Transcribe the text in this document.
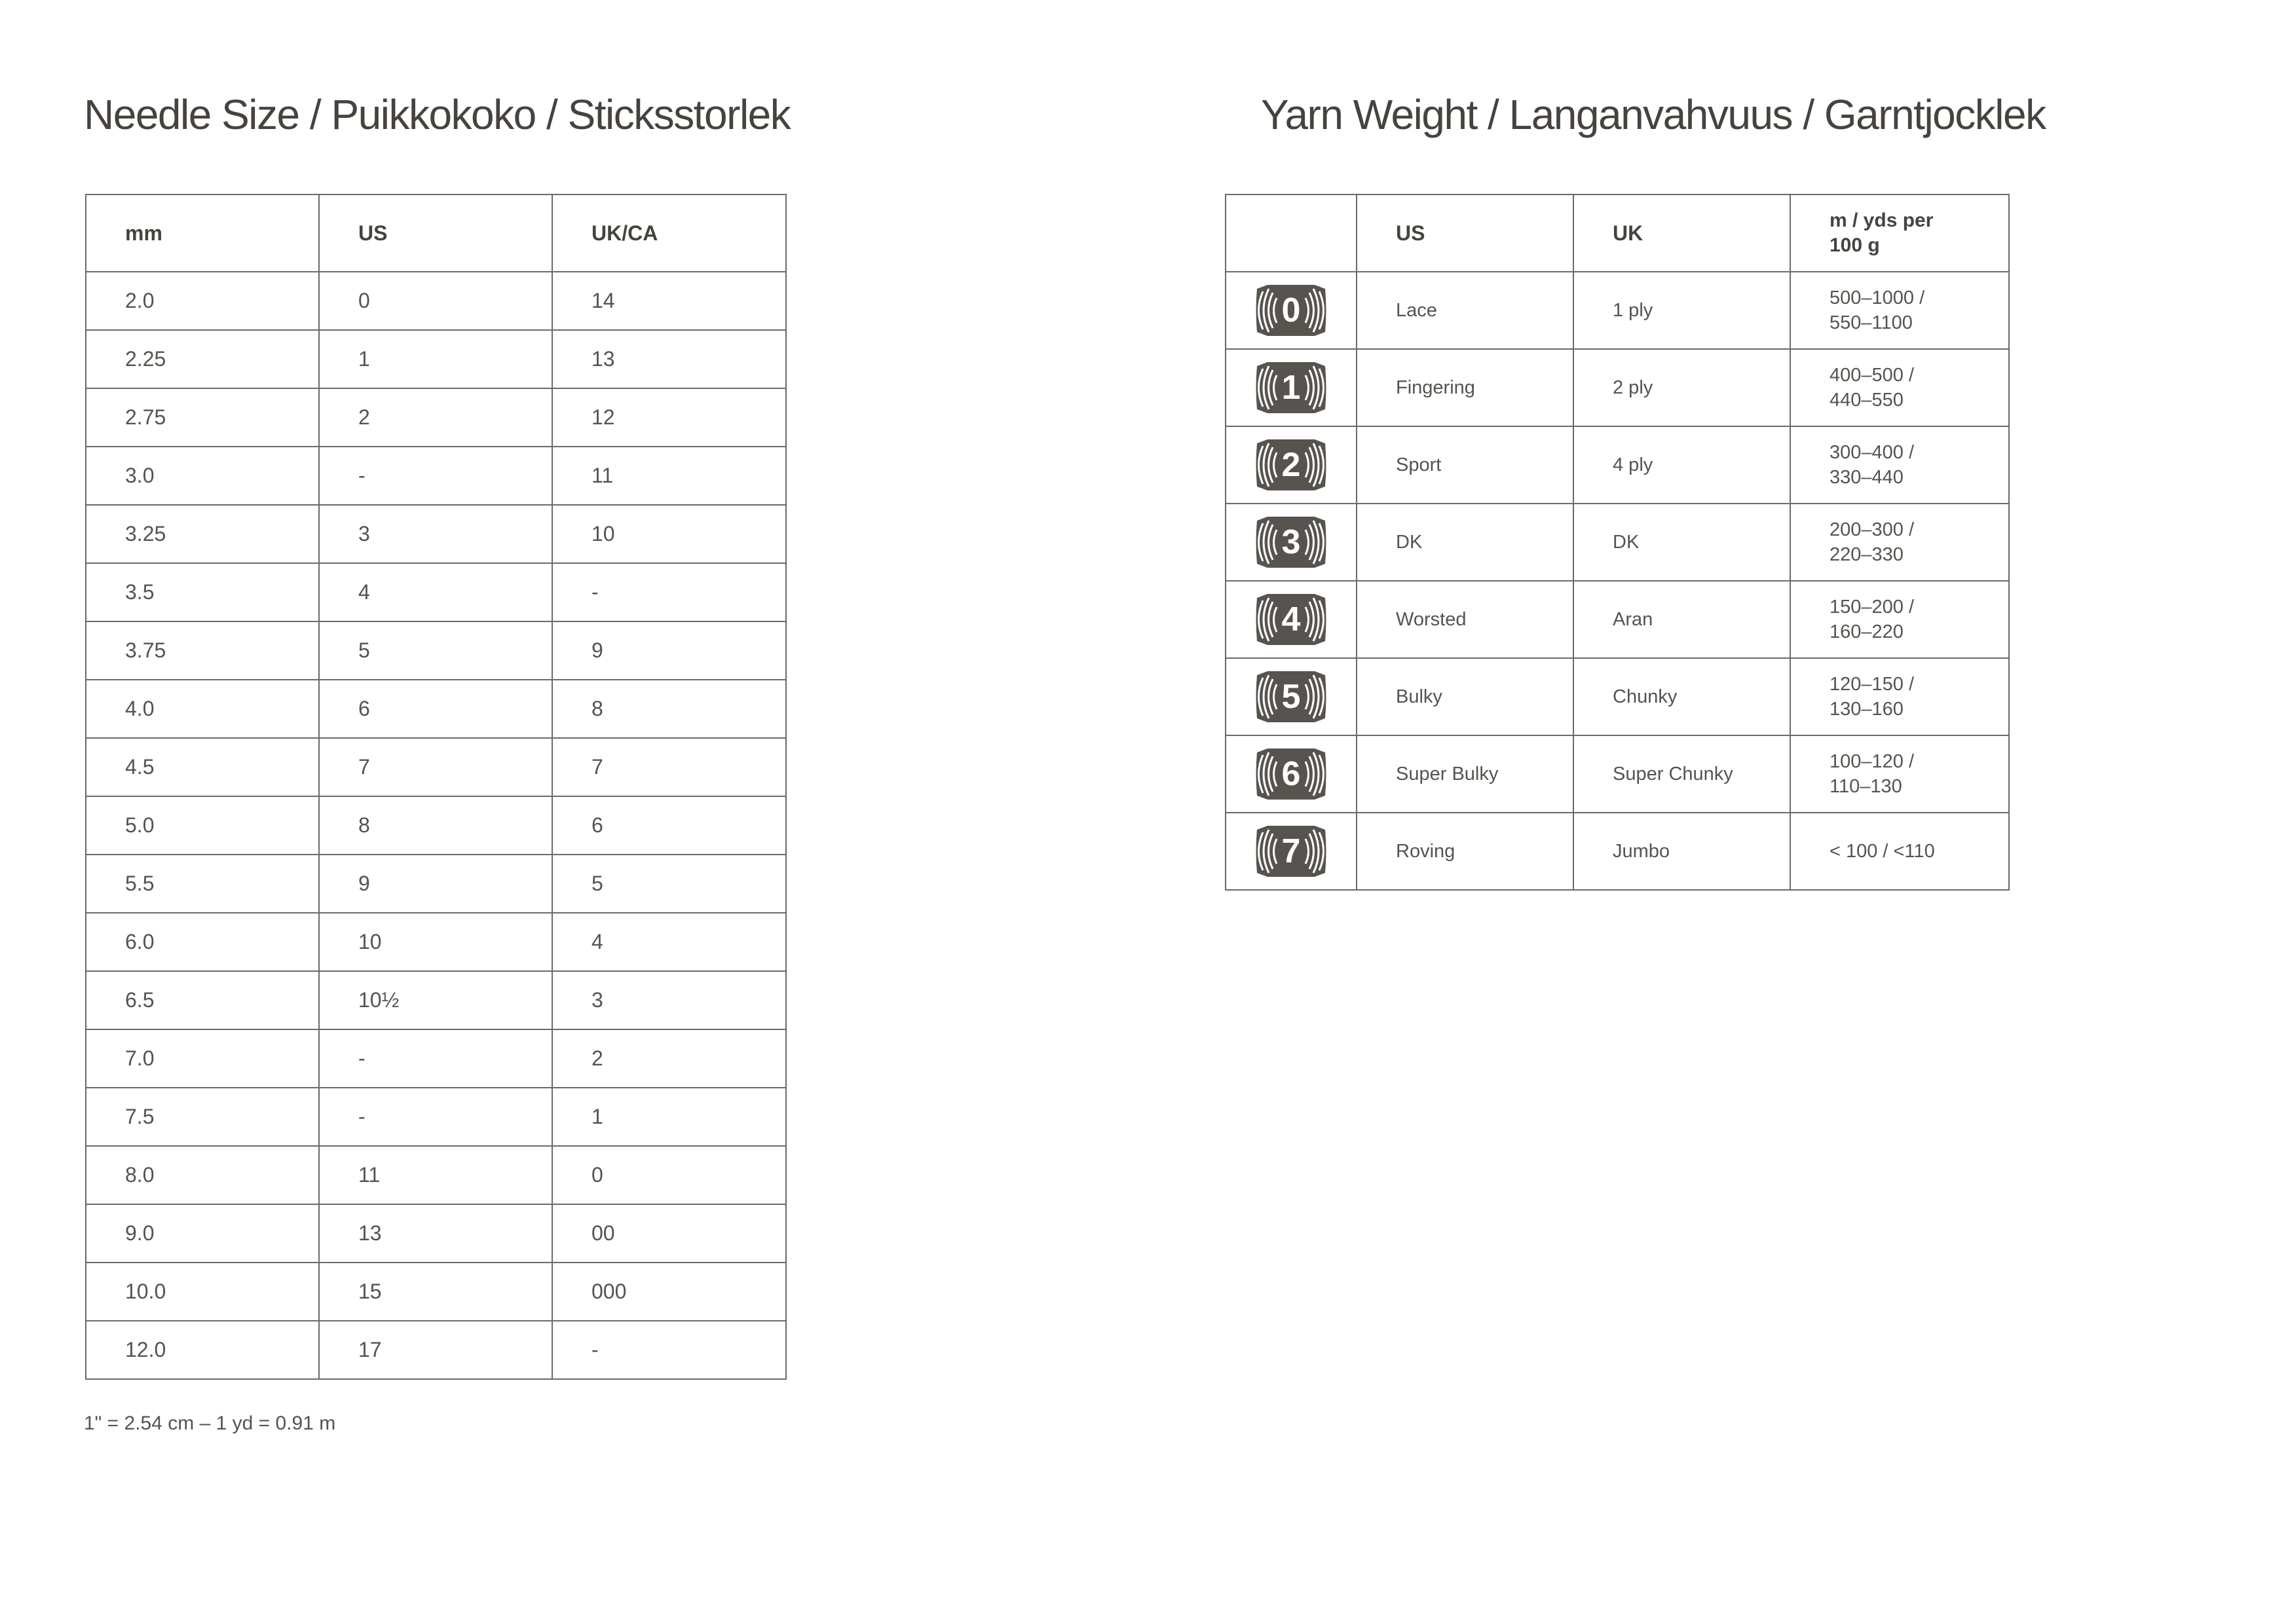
Needle Size / Puikkokoko / Sticksstorlek
mm	US	UK/CA
2.0	0	14
2.25	1	13
2.75	2	12
3.0	-	11
3.25	3	10
3.5	4	-
3.75	5	9
4.0	6	8
4.5	7	7
5.0	8	6
5.5	9	5
6.0	10	4
6.5	10½	3
7.0	-	2
7.5	-	1
8.0	11	0
9.0	13	00
10.0	15	000
12.0	17	-
1" = 2.54 cm – 1 yd = 0.91 m
Yarn Weight / Langanvahvuus / Garntjocklek
	US	UK	m / yds per 100 g

0	Lace	1 ply	500–1000 / 550–1100

1	Fingering	2 ply	400–500 / 440–550

2	Sport	4 ply	300–400 / 330–440

3	DK	DK	200–300 / 220–330

4	Worsted	Aran	150–200 / 160–220

5	Bulky	Chunky	120–150 / 130–160

6	Super Bulky	Super Chunky	100–120 / 110–130

7	Roving	Jumbo	< 100 / <110
